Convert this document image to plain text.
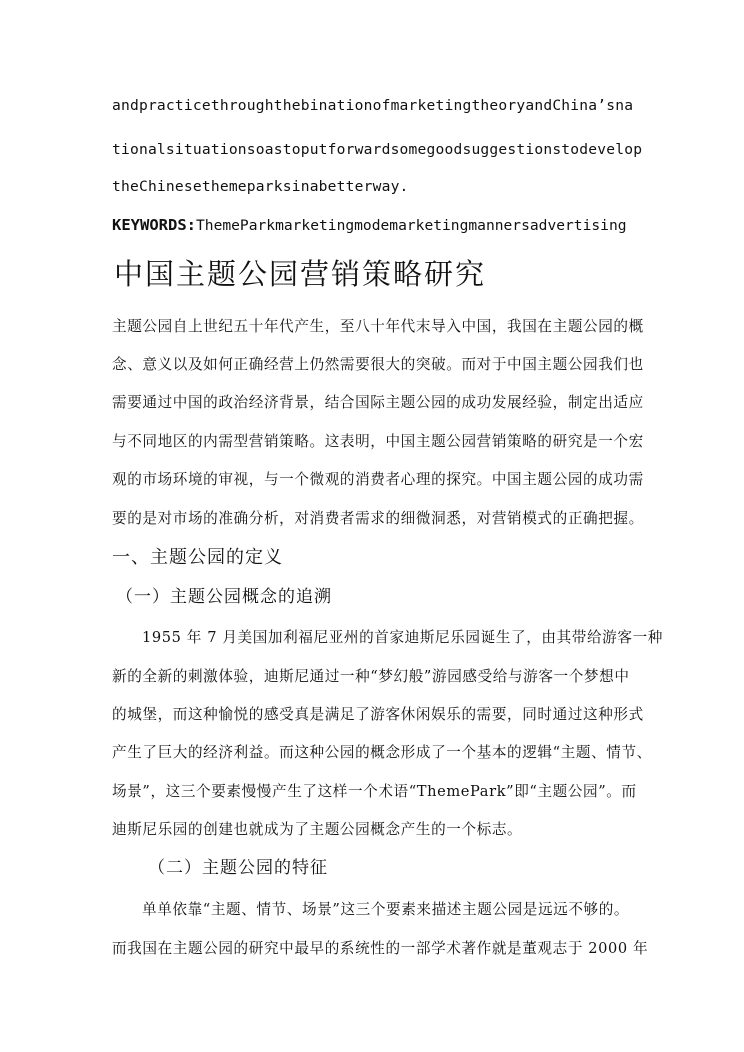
andpracticethroughthebinationofmarketingtheoryandChina’sna

tionalsituationsoastoputforwardsomegoodsuggestionstodevelop

theChinesethemeparksinabetterway.

KEYWORDS:ThemeParkmarketingmodemarketingmannersadvertising

中国主题公园营销策略研究

主题公园自上世纪五十年代产生，至八十年代末导入中国，我国在主题公园的概

念、意义以及如何正确经营上仍然需要很大的突破。而对于中国主题公园我们也

需要通过中国的政治经济背景，结合国际主题公园的成功发展经验，制定出适应

与不同地区的内需型营销策略。这表明，中国主题公园营销策略的研究是一个宏

观的市场环境的审视，与一个微观的消费者心理的探究。中国主题公园的成功需

要的是对市场的准确分析，对消费者需求的细微洞悉，对营销模式的正确把握。

一、主题公园的定义
（一）主题公园概念的追溯

1955 年 7 月美国加利福尼亚州的首家迪斯尼乐园诞生了，由其带给游客一种

新的全新的刺激体验，迪斯尼通过一种“梦幻般”游园感受给与游客一个梦想中

的城堡，而这种愉悦的感受真是满足了游客休闲娱乐的需要，同时通过这种形式

产生了巨大的经济利益。而这种公园的概念形成了一个基本的逻辑“主题、情节、

场景”，这三个要素慢慢产生了这样一个术语“ThemePark”即“主题公园”。而

迪斯尼乐园的创建也就成为了主题公园概念产生的一个标志。

（二）主题公园的特征

单单依靠“主题、情节、场景”这三个要素来描述主题公园是远远不够的。

而我国在主题公园的研究中最早的系统性的一部学术著作就是董观志于 2000 年
